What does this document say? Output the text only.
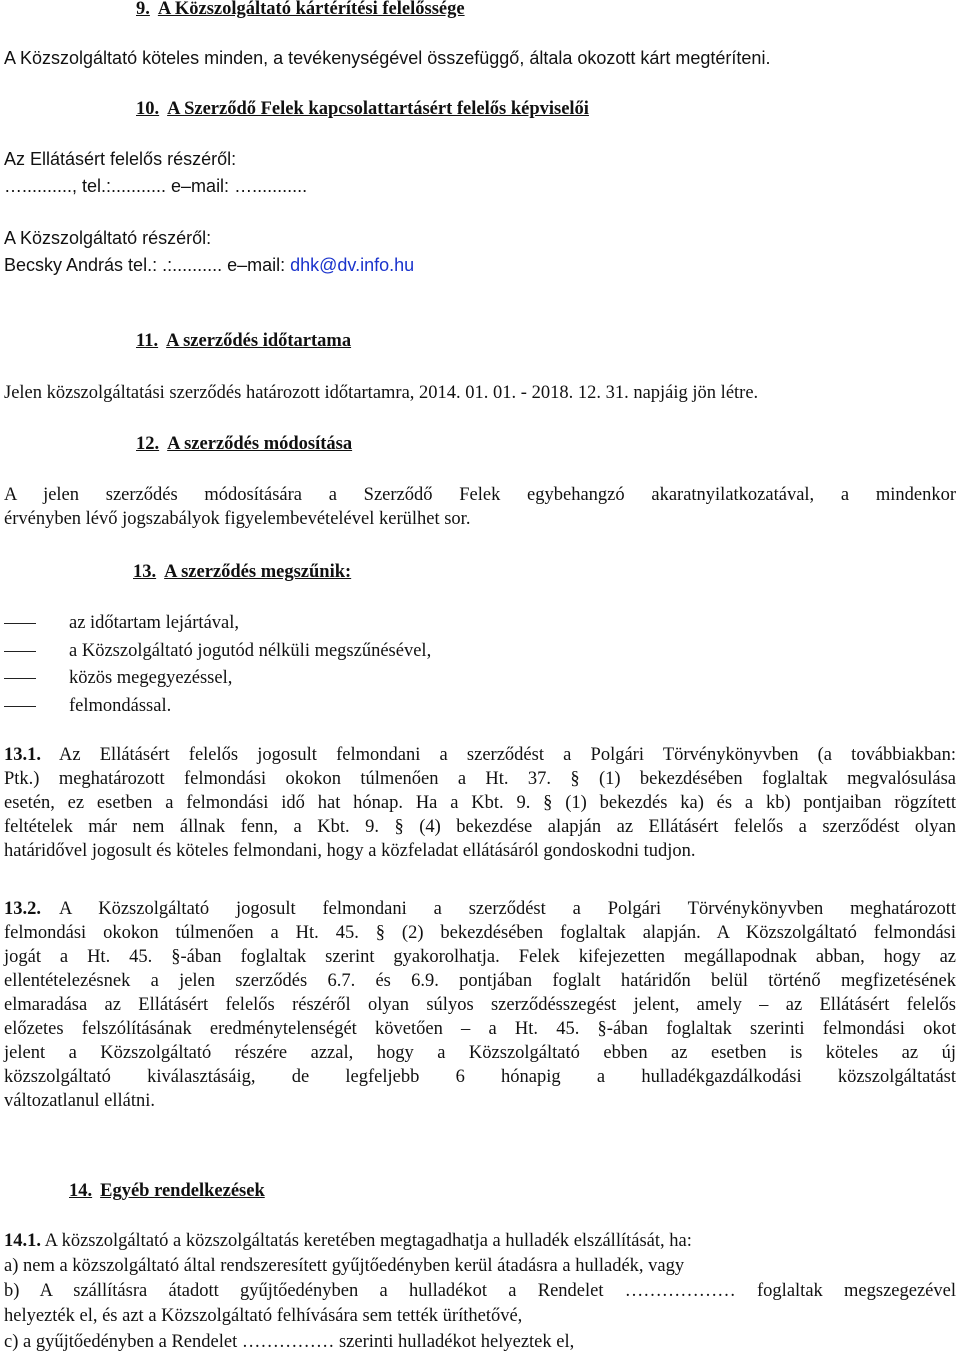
9. A Közszolgáltató kártérítési felelőssége
A Közszolgáltató köteles minden, a tevékenységével összefüggő, általa okozott kárt megtéríteni.
10. A Szerződő Felek kapcsolattartásért felelős képviselői
Az Ellátásért felelős részéről:
….........., tel.:........... e–mail: …...........
A Közszolgáltató részéről:
Becsky András tel.: .:.......... e–mail: dhk@dv.info.hu
11. A szerződés időtartama
Jelen közszolgáltatási szerződés határozott időtartamra, 2014. 01. 01. - 2018. 12. 31. napjáig jön létre.
12. A szerződés módosítása
A jelen szerződés módosítására a Szerződő Felek egybehangzó akaratnyilatkozatával, a mindenkor
érvényben lévő jogszabályok figyelembevételével kerülhet sor.
13. A szerződés megszűnik:
az időtartam lejártával,
a Közszolgáltató jogutód nélküli megszűnésével,
közös megegyezéssel,
felmondással.
13.1. Az Ellátásért felelős jogosult felmondani a szerződést a Polgári Törvénykönyvben (a továbbiakban:
Ptk.) meghatározott felmondási okokon túlmenően a Ht. 37. § (1) bekezdésében foglaltak megvalósulása
esetén, ez esetben a felmondási idő hat hónap. Ha a Kbt. 9. § (1) bekezdés ka) és a kb) pontjaiban rögzített
feltételek már nem állnak fenn, a Kbt. 9. § (4) bekezdése alapján az Ellátásért felelős a szerződést olyan
határidővel jogosult és köteles felmondani, hogy a közfeladat ellátásáról gondoskodni tudjon.
13.2. A Közszolgáltató jogosult felmondani a szerződést a Polgári Törvénykönyvben meghatározott
felmondási okokon túlmenően a Ht. 45. § (2) bekezdésében foglaltak alapján. A Közszolgáltató felmondási
jogát a Ht. 45. §-ában foglaltak szerint gyakorolhatja. Felek kifejezetten megállapodnak abban, hogy az
ellentételezésnek a jelen szerződés 6.7. és 6.9. pontjában foglalt határidőn belül történő megfizetésének
elmaradása az Ellátásért felelős részéről olyan súlyos szerződésszegést jelent, amely – az Ellátásért felelős
előzetes felszólításának eredménytelenségét követően – a Ht. 45. §-ában foglaltak szerinti felmondási okot
jelent a Közszolgáltató részére azzal, hogy a Közszolgáltató ebben az esetben is köteles az új
közszolgáltató kiválasztásáig, de legfeljebb 6 hónapig a hulladékgazdálkodási közszolgáltatást
változatlanul ellátni.
14. Egyéb rendelkezések
14.1. A közszolgáltató a közszolgáltatás keretében megtagadhatja a hulladék elszállítását, ha:
a) nem a közszolgáltató által rendszeresített gyűjtőedényben kerül átadásra a hulladék, vagy
b) A szállításra átadott gyűjtőedényben a hulladékot a Rendelet ……………… foglaltak megszegezével
helyezték el, és azt a Közszolgáltató felhívására sem tették üríthetővé,
c) a gyűjtőedényben a Rendelet …………… szerinti hulladékot helyeztek el,
